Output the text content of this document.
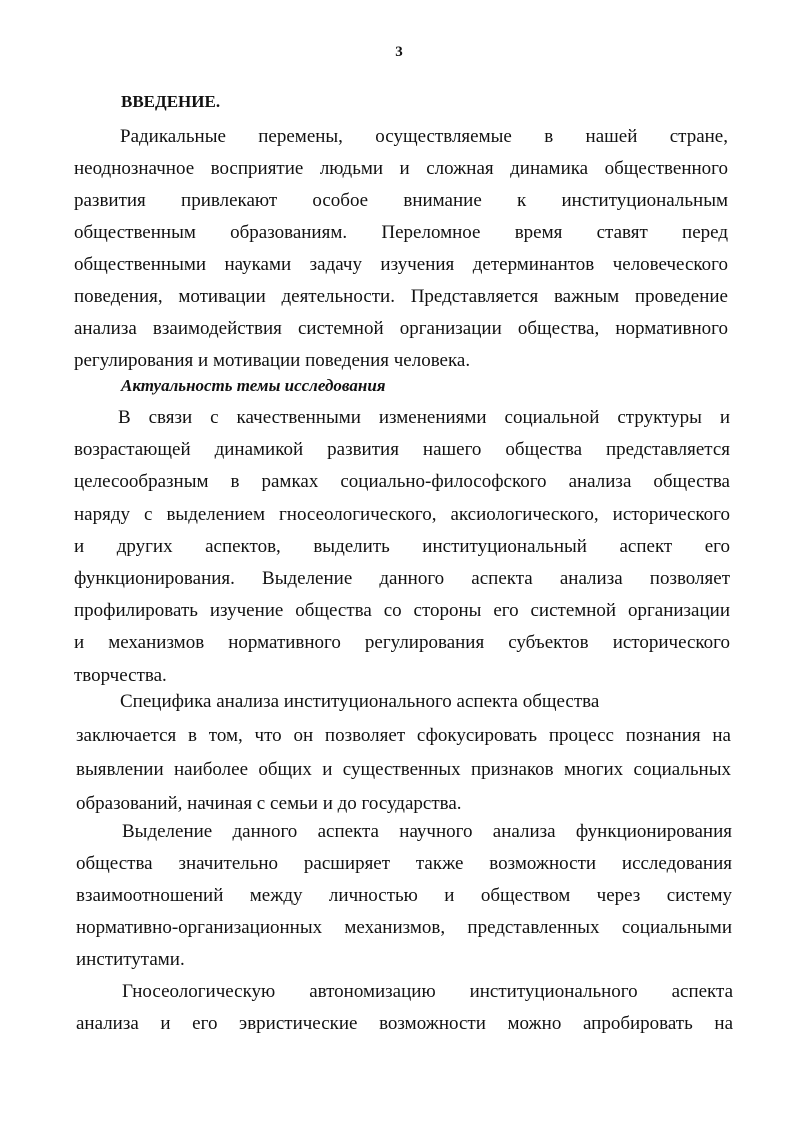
3
ВВЕДЕНИЕ.

Радикальные перемены, осуществляемые в нашей стране,
неоднозначное восприятие людьми и сложная динамика общественного
развития привлекают особое внимание к институциональным
общественным образованиям. Переломное время ставят перед
общественными науками задачу изучения детерминантов человеческого
поведения, мотивации деятельности. Представляется важным проведение
анализа взаимодействия системной организации общества, нормативного
регулирования и мотивации поведения человека.

Актуальность темы исследования

В связи с качественными изменениями социальной структуры и
возрастающей динамикой развития нашего общества представляется
целесообразным в рамках социально-философского анализа общества
наряду с выделением гносеологического, аксиологического, исторического
и других аспектов, выделить институциональный аспект его
функционирования. Выделение данного аспекта анализа позволяет
профилировать изучение общества со стороны его системной организации
и механизмов нормативного регулирования субъектов исторического
творчества.

Специфика анализа институционального аспекта общества
заключается в том, что он позволяет сфокусировать процесс познания на
выявлении наиболее общих и существенных признаков многих социальных
образований, начиная с семьи и до государства.

Выделение данного аспекта научного анализа функционирования
общества значительно расширяет также возможности исследования
взаимоотношений между личностью и обществом через систему
нормативно-организационных механизмов, представленных социальными
институтами.

Гносеологическую автономизацию институционального аспекта
анализа и его эвристические возможности можно апробировать на
